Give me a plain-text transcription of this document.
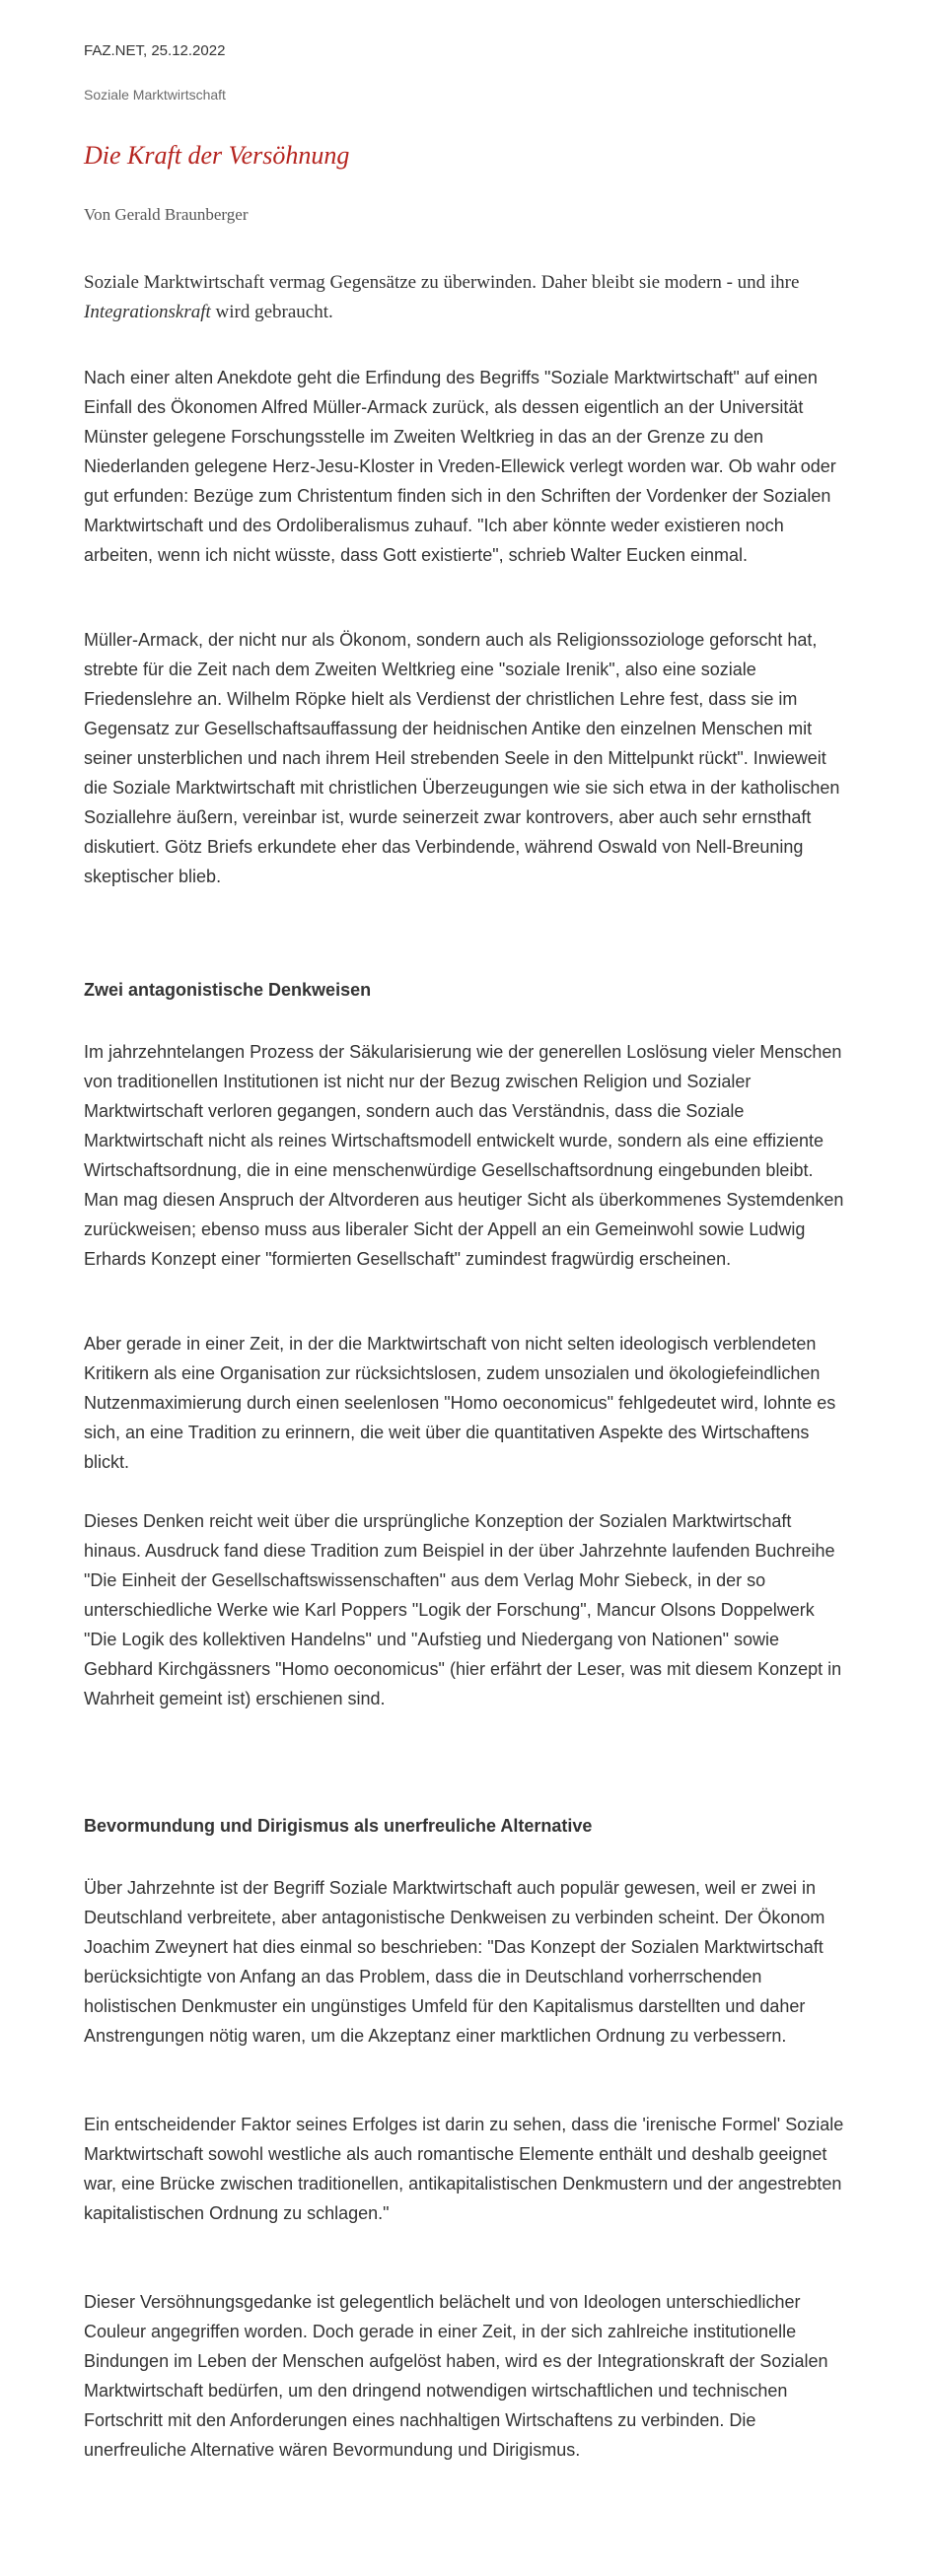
FAZ.NET, 25.12.2022
Soziale Marktwirtschaft
Die Kraft der Versöhnung
Von Gerald Braunberger

Soziale Marktwirtschaft vermag Gegensätze zu überwinden. Daher bleibt sie modern - und ihre Integrationskraft wird gebraucht.

Nach einer alten Anekdote geht die Erfindung des Begriffs "Soziale Marktwirtschaft" auf einen Einfall des Ökonomen Alfred Müller-Armack zurück, als dessen eigentlich an der Universität Münster gelegene Forschungsstelle im Zweiten Weltkrieg in das an der Grenze zu den Niederlanden gelegene Herz-Jesu-Kloster in Vreden-Ellewick verlegt worden war. Ob wahr oder gut erfunden: Bezüge zum Christentum finden sich in den Schriften der Vordenker der Sozialen Marktwirtschaft und des Ordoliberalismus zuhauf. "Ich aber könnte weder existieren noch arbeiten, wenn ich nicht wüsste, dass Gott existierte", schrieb Walter Eucken einmal.

Müller-Armack, der nicht nur als Ökonom, sondern auch als Religionssoziologe geforscht hat, strebte für die Zeit nach dem Zweiten Weltkrieg eine "soziale Irenik", also eine soziale Friedenslehre an. Wilhelm Röpke hielt als Verdienst der christlichen Lehre fest, dass sie im Gegensatz zur Gesellschaftsauffassung der heidnischen Antike den einzelnen Menschen mit seiner unsterblichen und nach ihrem Heil strebenden Seele in den Mittelpunkt rückt". Inwieweit die Soziale Marktwirtschaft mit christlichen Überzeugungen wie sie sich etwa in der katholischen Soziallehre äußern, vereinbar ist, wurde seinerzeit zwar kontrovers, aber auch sehr ernsthaft diskutiert. Götz Briefs erkundete eher das Verbindende, während Oswald von Nell-Breuning skeptischer blieb.

Zwei antagonistische Denkweisen

Im jahrzehntelangen Prozess der Säkularisierung wie der generellen Loslösung vieler Menschen von traditionellen Institutionen ist nicht nur der Bezug zwischen Religion und Sozialer Marktwirtschaft verloren gegangen, sondern auch das Verständnis, dass die Soziale Marktwirtschaft nicht als reines Wirtschaftsmodell entwickelt wurde, sondern als eine effiziente Wirtschaftsordnung, die in eine menschenwürdige Gesellschaftsordnung eingebunden bleibt. Man mag diesen Anspruch der Altvorderen aus heutiger Sicht als überkommenes Systemdenken zurückweisen; ebenso muss aus liberaler Sicht der Appell an ein Gemeinwohl sowie Ludwig Erhards Konzept einer "formierten Gesellschaft" zumindest fragwürdig erscheinen.

Aber gerade in einer Zeit, in der die Marktwirtschaft von nicht selten ideologisch verblendeten Kritikern als eine Organisation zur rücksichtslosen, zudem unsozialen und ökologiefeindlichen Nutzenmaximierung durch einen seelenlosen "Homo oeconomicus" fehlgedeutet wird, lohnte es sich, an eine Tradition zu erinnern, die weit über die quantitativen Aspekte des Wirtschaftens blickt.

Dieses Denken reicht weit über die ursprüngliche Konzeption der Sozialen Marktwirtschaft hinaus. Ausdruck fand diese Tradition zum Beispiel in der über Jahrzehnte laufenden Buchreihe "Die Einheit der Gesellschaftswissenschaften" aus dem Verlag Mohr Siebeck, in der so unterschiedliche Werke wie Karl Poppers "Logik der Forschung", Mancur Olsons Doppelwerk "Die Logik des kollektiven Handelns" und "Aufstieg und Niedergang von Nationen" sowie Gebhard Kirchgässners "Homo oeconomicus" (hier erfährt der Leser, was mit diesem Konzept in Wahrheit gemeint ist) erschienen sind.

Bevormundung und Dirigismus als unerfreuliche Alternative

Über Jahrzehnte ist der Begriff Soziale Marktwirtschaft auch populär gewesen, weil er zwei in Deutschland verbreitete, aber antagonistische Denkweisen zu verbinden scheint. Der Ökonom Joachim Zweynert hat dies einmal so beschrieben: "Das Konzept der Sozialen Marktwirtschaft berücksichtigte von Anfang an das Problem, dass die in Deutschland vorherrschenden holistischen Denkmuster ein ungünstiges Umfeld für den Kapitalismus darstellten und daher Anstrengungen nötig waren, um die Akzeptanz einer marktlichen Ordnung zu verbessern.

Ein entscheidender Faktor seines Erfolges ist darin zu sehen, dass die 'irenische Formel' Soziale Marktwirtschaft sowohl westliche als auch romantische Elemente enthält und deshalb geeignet war, eine Brücke zwischen traditionellen, antikapitalistischen Denkmustern und der angestrebten kapitalistischen Ordnung zu schlagen."

Dieser Versöhnungsgedanke ist gelegentlich belächelt und von Ideologen unterschiedlicher Couleur angegriffen worden. Doch gerade in einer Zeit, in der sich zahlreiche institutionelle Bindungen im Leben der Menschen aufgelöst haben, wird es der Integrationskraft der Sozialen Marktwirtschaft bedürfen, um den dringend notwendigen wirtschaftlichen und technischen Fortschritt mit den Anforderungen eines nachhaltigen Wirtschaftens zu verbinden. Die unerfreuliche Alternative wären Bevormundung und Dirigismus.
